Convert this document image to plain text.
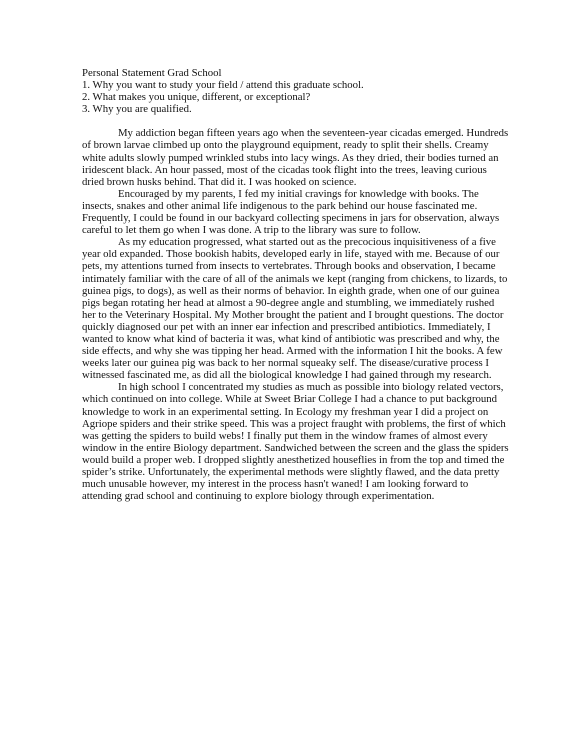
Personal Statement Grad School
1. Why you want to study your field / attend this graduate school.
2. What makes you unique, different, or exceptional?
3. Why you are qualified.

My addiction began fifteen years ago when the seventeen-year cicadas emerged. Hundreds of brown larvae climbed up onto the playground equipment, ready to split their shells. Creamy white adults slowly pumped wrinkled stubs into lacy wings. As they dried, their bodies turned an iridescent black. An hour passed, most of the cicadas took flight into the trees, leaving curious dried brown husks behind. That did it. I was hooked on science.

Encouraged by my parents, I fed my initial cravings for knowledge with books. The insects, snakes and other animal life indigenous to the park behind our house fascinated me. Frequently, I could be found in our backyard collecting specimens in jars for observation, always careful to let them go when I was done. A trip to the library was sure to follow.

As my education progressed, what started out as the precocious inquisitiveness of a five year old expanded. Those bookish habits, developed early in life, stayed with me. Because of our pets, my attentions turned from insects to vertebrates. Through books and observation, I became intimately familiar with the care of all of the animals we kept (ranging from chickens, to lizards, to guinea pigs, to dogs), as well as their norms of behavior. In eighth grade, when one of our guinea pigs began rotating her head at almost a 90-degree angle and stumbling, we immediately rushed her to the Veterinary Hospital. My Mother brought the patient and I brought questions. The doctor quickly diagnosed our pet with an inner ear infection and prescribed antibiotics. Immediately, I wanted to know what kind of bacteria it was, what kind of antibiotic was prescribed and why, the side effects, and why she was tipping her head. Armed with the information I hit the books. A few weeks later our guinea pig was back to her normal squeaky self. The disease/curative process I witnessed fascinated me, as did all the biological knowledge I had gained through my research.

In high school I concentrated my studies as much as possible into biology related vectors, which continued on into college. While at Sweet Briar College I had a chance to put background knowledge to work in an experimental setting. In Ecology my freshman year I did a project on Agriope spiders and their strike speed. This was a project fraught with problems, the first of which was getting the spiders to build webs! I finally put them in the window frames of almost every window in the entire Biology department. Sandwiched between the screen and the glass the spiders would build a proper web. I dropped slightly anesthetized houseflies in from the top and timed the spider’s strike. Unfortunately, the experimental methods were slightly flawed, and the data pretty much unusable however, my interest in the process hasn't waned! I am looking forward to attending grad school and continuing to explore biology through experimentation.
